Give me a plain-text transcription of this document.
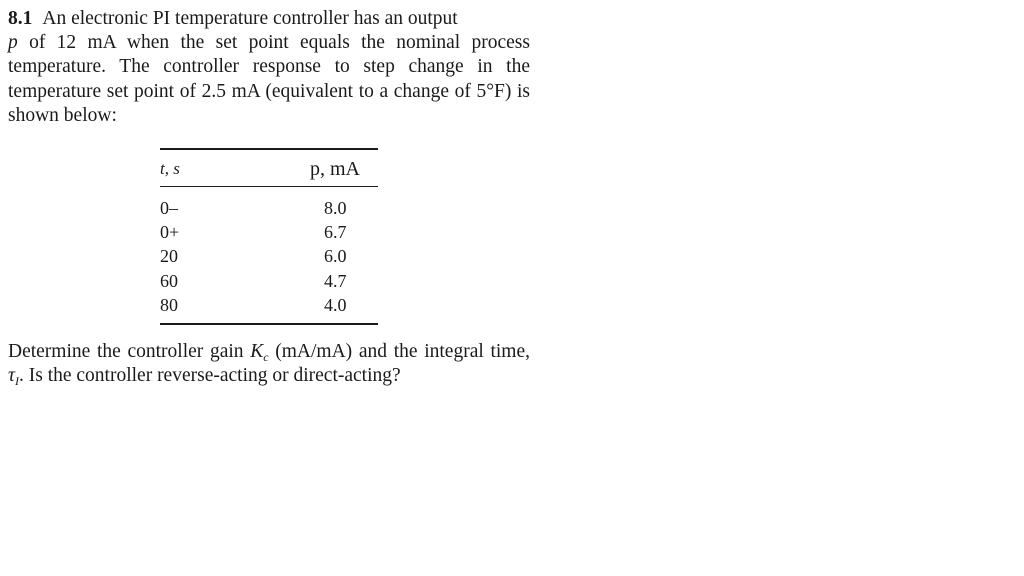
8.1 An electronic PI temperature controller has an output
p of 12 mA when the set point equals the nominal process temperature. The controller response to step change in the temperature set point of 2.5 mA (equivalent to a change of 5°F) is shown below:

t, s	p, mA
0–	8.0
0+	6.7
20	6.0
60	4.7
80	4.0

Determine the controller gain $K_c$ (mA/mA) and the integral time, $\tau_I$. Is the controller reverse-acting or direct-acting?
